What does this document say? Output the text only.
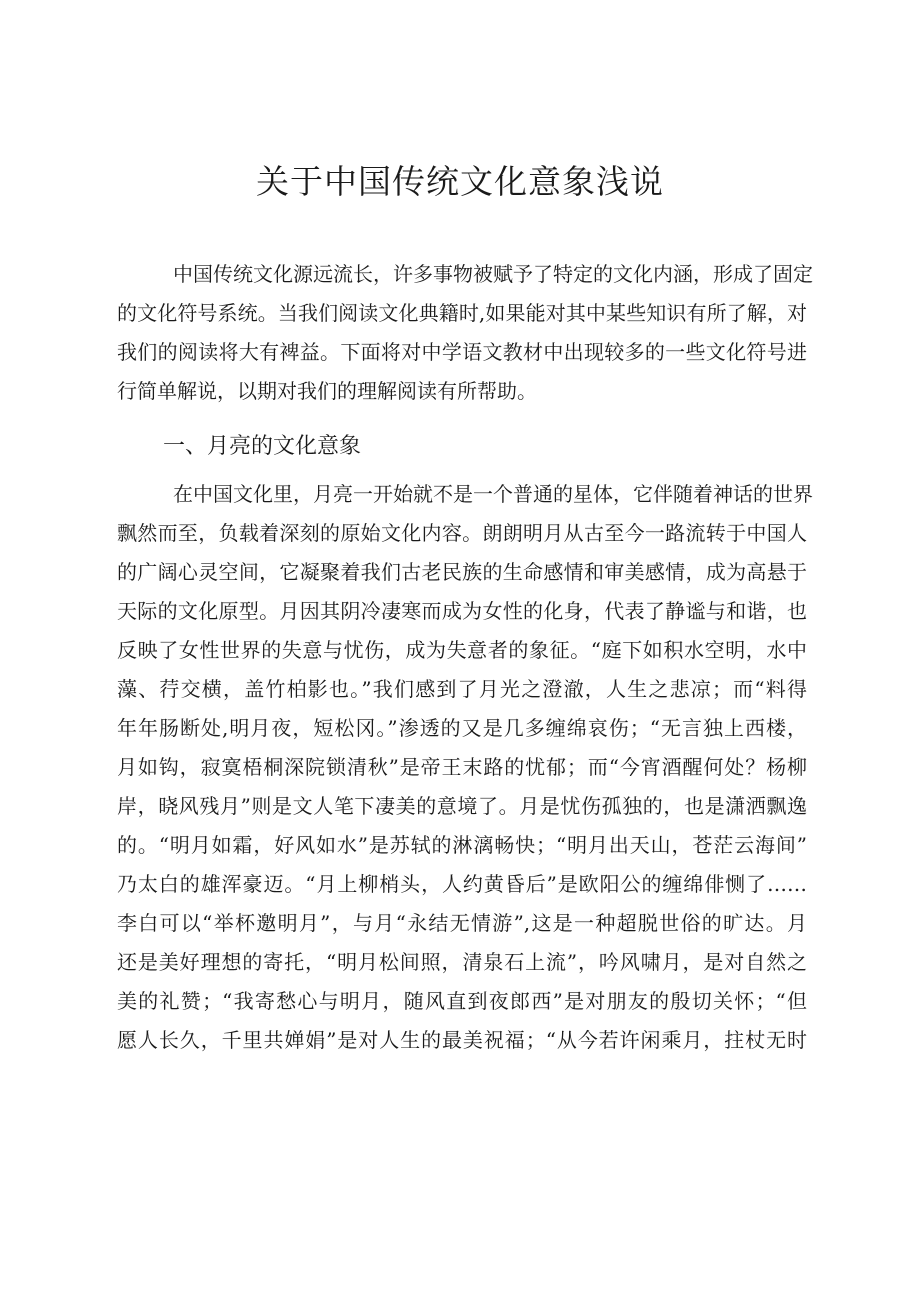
关于中国传统文化意象浅说
中国传统文化源远流长，许多事物被赋予了特定的文化内涵，形成了固定
的文化符号系统。当我们阅读文化典籍时,如果能对其中某些知识有所了解，对
我们的阅读将大有裨益。下面将对中学语文教材中出现较多的一些文化符号进
行简单解说，以期对我们的理解阅读有所帮助。
一、月亮的文化意象
在中国文化里，月亮一开始就不是一个普通的星体，它伴随着神话的世界
飘然而至，负载着深刻的原始文化内容。朗朗明月从古至今一路流转于中国人
的广阔心灵空间，它凝聚着我们古老民族的生命感情和审美感情，成为高悬于
天际的文化原型。月因其阴冷凄寒而成为女性的化身，代表了静谧与和谐，也
反映了女性世界的失意与忧伤，成为失意者的象征。“庭下如积水空明，水中
藻、荇交横，盖竹柏影也。”我们感到了月光之澄澈，人生之悲凉；而“料得
年年肠断处,明月夜，短松冈。”渗透的又是几多缠绵哀伤；“无言独上西楼，
月如钩，寂寞梧桐深院锁清秋”是帝王末路的忧郁；而“今宵酒醒何处？杨柳
岸，晓风残月”则是文人笔下凄美的意境了。月是忧伤孤独的，也是潇洒飘逸
的。“明月如霜，好风如水”是苏轼的淋漓畅快；“明月出天山，苍茫云海间”
乃太白的雄浑豪迈。“月上柳梢头，人约黄昏后”是欧阳公的缠绵俳恻了……
李白可以“举杯邀明月”，与月“永结无情游”,这是一种超脱世俗的旷达。月
还是美好理想的寄托，“明月松间照，清泉石上流”，吟风啸月，是对自然之
美的礼赞；“我寄愁心与明月，随风直到夜郎西”是对朋友的殷切关怀；“但
愿人长久，千里共婵娟”是对人生的最美祝福；“从今若许闲乘月，拄杖无时
